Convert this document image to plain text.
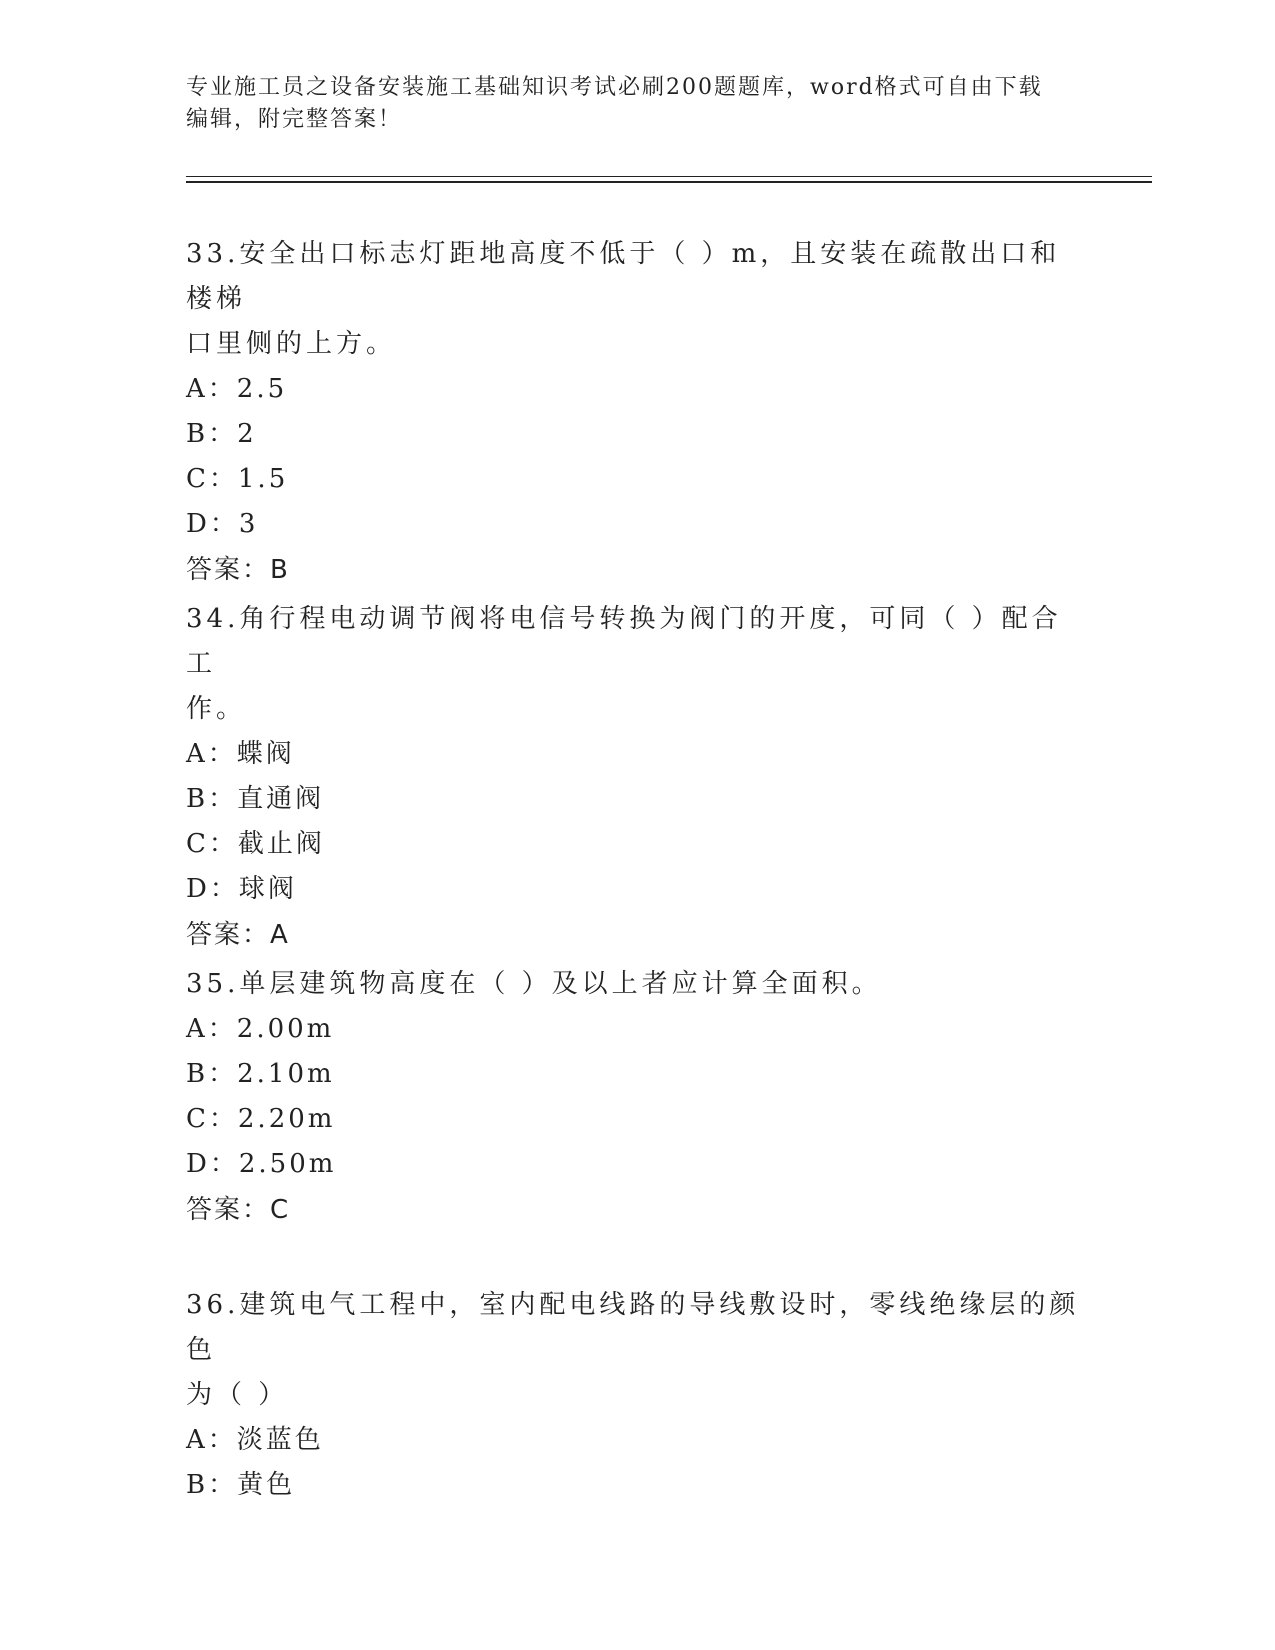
专业施工员之设备安装施工基础知识考试必刷200题题库，word格式可自由下载
编辑，附完整答案！

33.安全出口标志灯距地高度不低于（ ）m，且安装在疏散出口和楼梯

口里侧的上方。

A：2.5

B：2

C：1.5

D：3

答案：B

34.角行程电动调节阀将电信号转换为阀门的开度，可同（ ）配合工

作。

A：蝶阀

B：直通阀

C：截止阀

D：球阀

答案：A

35.单层建筑物高度在（ ）及以上者应计算全面积。

A：2.00m

B：2.10m

C：2.20m

D：2.50m

答案：C

36.建筑电气工程中，室内配电线路的导线敷设时，零线绝缘层的颜色

为（ ）

A：淡蓝色

B：黄色
